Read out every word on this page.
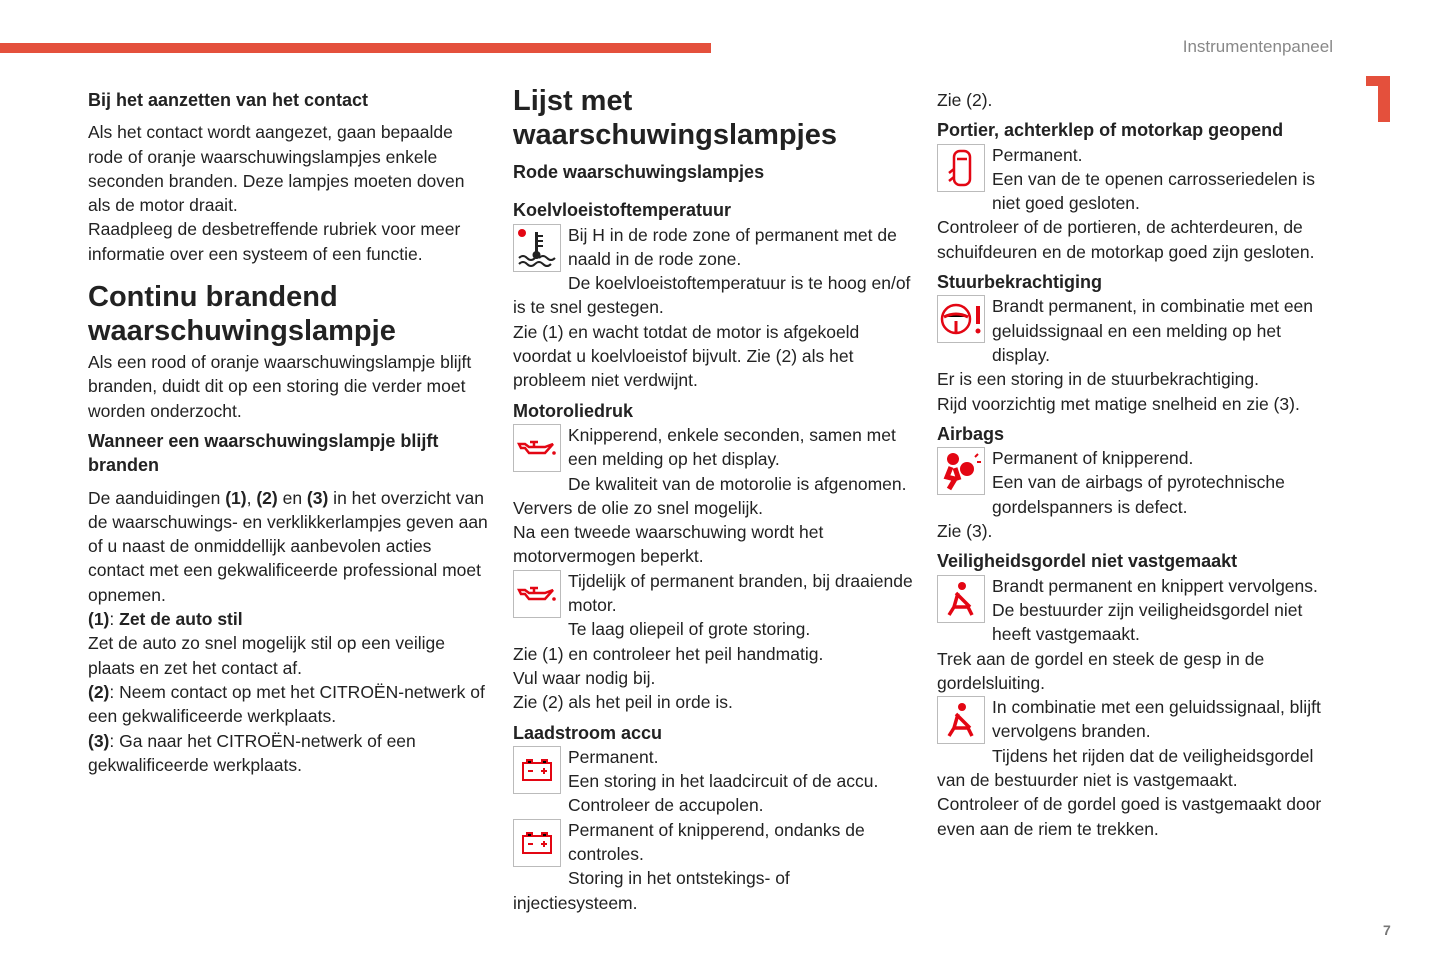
Instrumentenpaneel
7
Bij het aanzetten van het contact

Als het contact wordt aangezet, gaan bepaalde rode of oranje waarschuwingslampjes enkele seconden branden. Deze lampjes moeten doven als de motor draait.

Raadpleeg de desbetreffende rubriek voor meer informatie over een systeem of een functie.

Continu brandend waarschuwingslampje

Als een rood of oranje waarschuwingslampje blijft branden, duidt dit op een storing die verder moet worden onderzocht.

Wanneer een waarschuwingslampje blijft branden

De aanduidingen (1), (2) en (3) in het overzicht van de waarschuwings- en verklikkerlampjes geven aan of u naast de onmiddellijk aanbevolen acties contact met een gekwalificeerde professional moet opnemen.

(1): Zet de auto stil

Zet de auto zo snel mogelijk stil op een veilige plaats en zet het contact af.

(2): Neem contact op met het CITROËN-netwerk of een gekwalificeerde werkplaats.

(3): Ga naar het CITROËN-netwerk of een gekwalificeerde werkplaats.

Lijst met waarschuwingslampjes
Rode waarschuwingslampjes
Koelvloeistoftemperatuur

Bij H in de rode zone of permanent met de naald in de rode zone.

De koelvloeistoftemperatuur is te hoog en/of is te snel gestegen.

Zie (1) en wacht totdat de motor is afgekoeld voordat u koelvloeistof bijvult. Zie (2) als het probleem niet verdwijnt.

Motoroliedruk

Knipperend, enkele seconden, samen met een melding op het display.

De kwaliteit van de motorolie is afgenomen.

Ververs de olie zo snel mogelijk.

Na een tweede waarschuwing wordt het motorvermogen beperkt.

Tijdelijk of permanent branden, bij draaiende motor.

Te laag oliepeil of grote storing.

Zie (1) en controleer het peil handmatig.

Vul waar nodig bij.

Zie (2) als het peil in orde is.

Laadstroom accu

Permanent.
Een storing in het laadcircuit of de accu.

Controleer de accupolen.

Permanent of knipperend, ondanks de controles.

Storing in het ontstekings- of injectiesysteem.

Zie (2).

Portier, achterklep of motorkap geopend

Permanent.
Een van de te openen carrosseriedelen is niet goed gesloten.

Controleer of de portieren, de achterdeuren, de schuifdeuren en de motorkap goed zijn gesloten.

Stuurbekrachtiging

Brandt permanent, in combinatie met een geluidssignaal en een melding op het display.

Er is een storing in de stuurbekrachtiging.

Rijd voorzichtig met matige snelheid en zie (3).

Airbags

Permanent of knipperend.
Een van de airbags of pyrotechnische gordelspanners is defect.

Zie (3).

Veiligheidsgordel niet vastgemaakt

Brandt permanent en knippert vervolgens.
De bestuurder zijn veiligheidsgordel niet heeft vastgemaakt.

Trek aan de gordel en steek de gesp in de gordelsluiting.

In combinatie met een geluidssignaal, blijft vervolgens branden.

Tijdens het rijden dat de veiligheidsgordel van de bestuurder niet is vastgemaakt.

Controleer of de gordel goed is vastgemaakt door even aan de riem te trekken.
